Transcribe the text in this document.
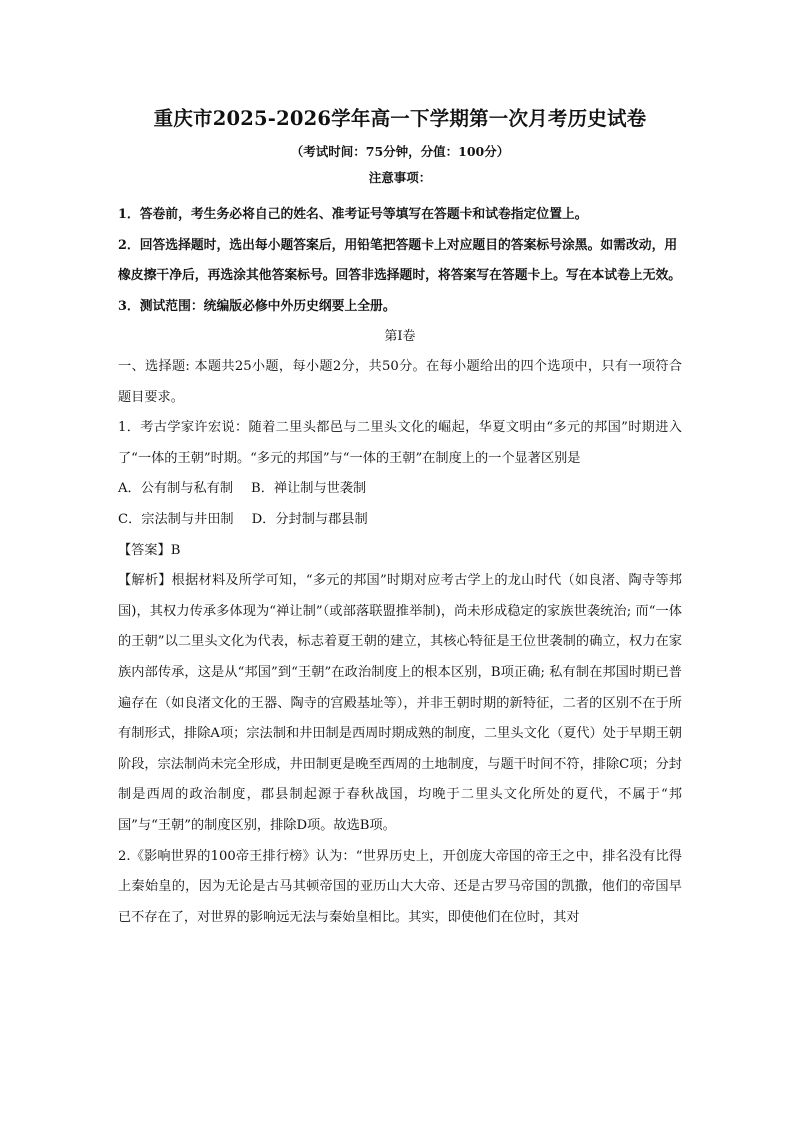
重庆市2025-2026学年高一下学期第一次月考历史试卷
（考试时间：75分钟，分值：100分）
注意事项：
1．答卷前，考生务必将自己的姓名、准考证号等填写在答题卡和试卷指定位置上。
2．回答选择题时，选出每小题答案后，用铅笔把答题卡上对应题目的答案标号涂黑。如需改动，用橡皮擦干净后，再选涂其他答案标号。回答非选择题时，将答案写在答题卡上。写在本试卷上无效。
3．测试范围：统编版必修中外历史纲要上全册。
第Ⅰ卷
一、选择题: 本题共25小题，每小题2分，共50分。在每小题给出的四个选项中，只有一项符合题目要求。
1．考古学家许宏说：随着二里头都邑与二里头文化的崛起，华夏文明由“多元的邦国”时期进入了“一体的王朝”时期。“多元的邦国”与“一体的王朝”在制度上的一个显著区别是
A．公有制与私有制 B．禅让制与世袭制
C．宗法制与井田制 D．分封制与郡县制
【答案】B
【解析】根据材料及所学可知，“多元的邦国”时期对应考古学上的龙山时代（如良渚、陶寺等邦国)，其权力传承多体现为“禅让制”（或部落联盟推举制)，尚未形成稳定的家族世袭统治; 而“一体的王朝”以二里头文化为代表，标志着夏王朝的建立，其核心特征是王位世袭制的确立，权力在家族内部传承，这是从“邦国”到“王朝”在政治制度上的根本区别，B项正确; 私有制在邦国时期已普遍存在（如良渚文化的王器、陶寺的宫殿基址等），并非王朝时期的新特征，二者的区别不在于所有制形式，排除A项；宗法制和井田制是西周时期成熟的制度，二里头文化（夏代）处于早期王朝阶段，宗法制尚未完全形成，井田制更是晚至西周的土地制度，与题干时间不符，排除C项；分封制是西周的政治制度，郡县制起源于春秋战国，均晚于二里头文化所处的夏代，不属于“邦国”与“王朝”的制度区别，排除D项。故选B项。
2.《影响世界的100帝王排行榜》认为：“世界历史上，开创庞大帝国的帝王之中，排名没有比得上秦始皇的，因为无论是古马其顿帝国的亚历山大大帝、还是古罗马帝国的凯撒，他们的帝国早已不存在了，对世界的影响远无法与秦始皇相比。其实，即使他们在位时，其对
